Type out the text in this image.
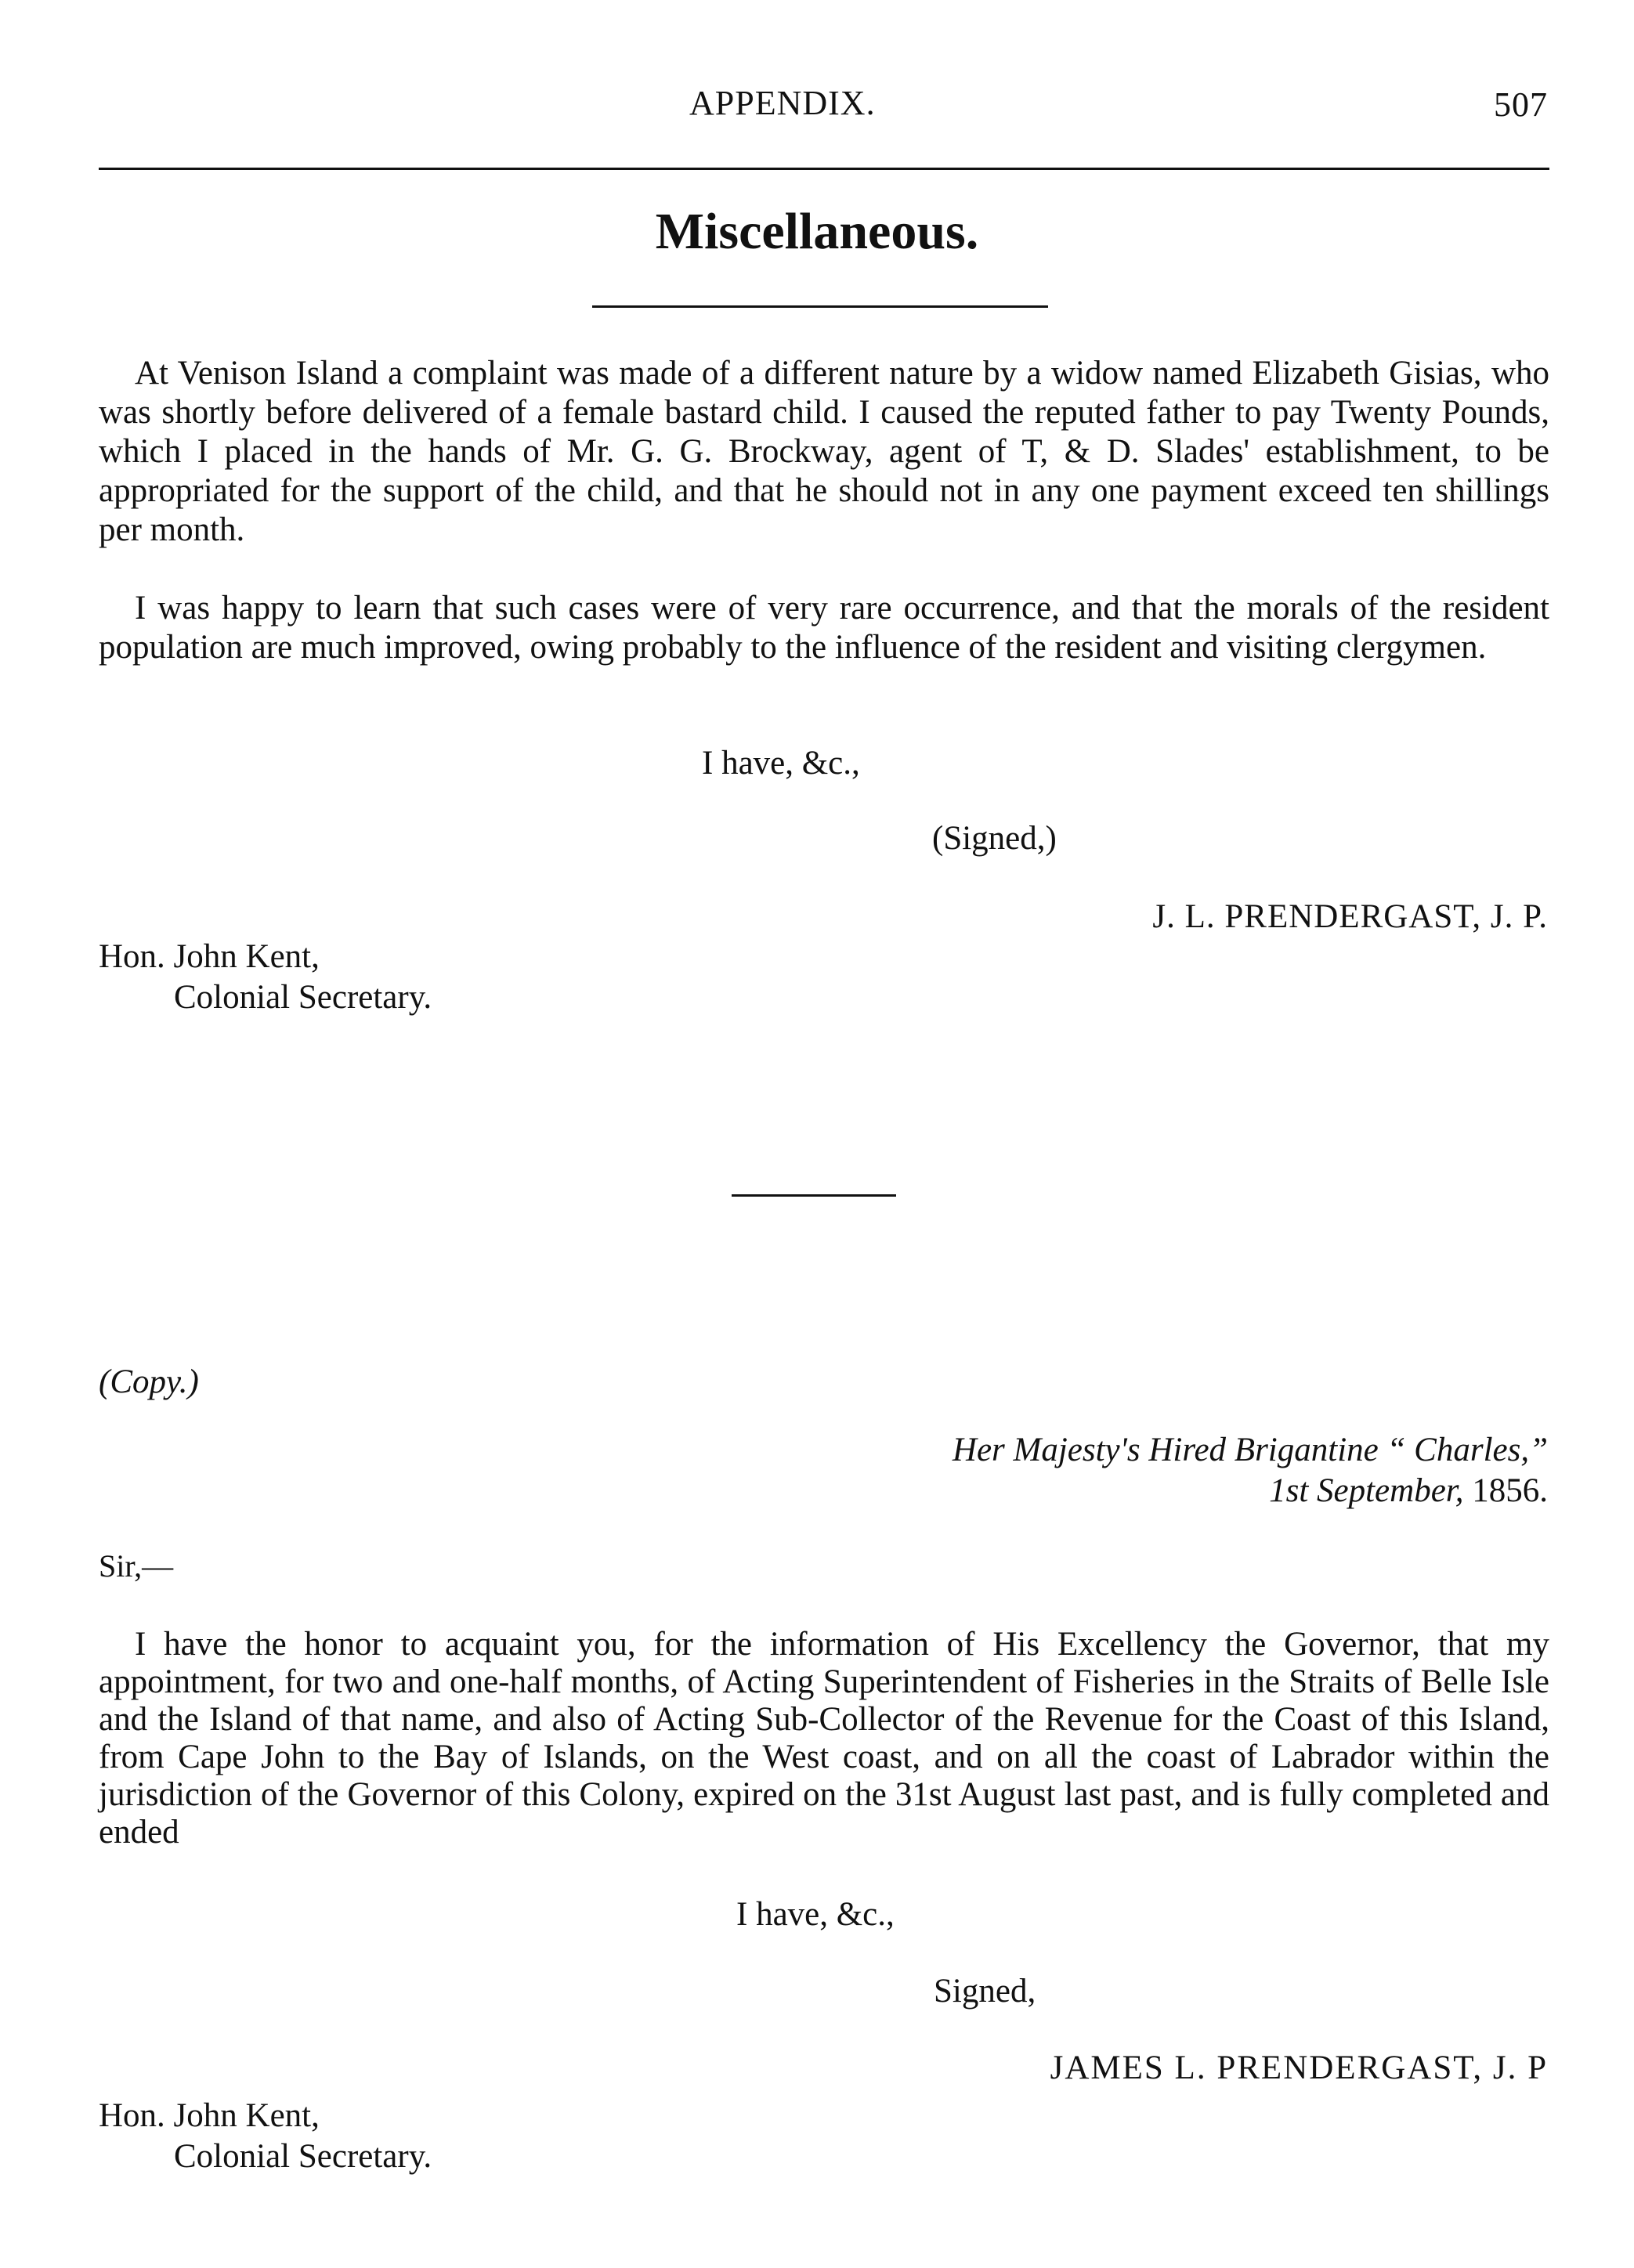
APPENDIX.	507
Miscellaneous.

At Venison Island a complaint was made of a different nature by a widow named Elizabeth Gisias, who was shortly before delivered of a female bastard child. I caused the reputed father to pay Twenty Pounds, which I placed in the hands of Mr. G. G. Brockway, agent of T, & D. Slades' establishment, to be appropriated for the support of the child, and that he should not in any one payment exceed ten shillings per month.

I was happy to learn that such cases were of very rare occurrence, and that the morals of the resident population are much improved, owing probably to the influence of the resident and visiting clergymen.

I have, &c.,
(Signed,)
J. L. PRENDERGAST, J. P.
Hon. John Kent,
Colonial Secretary.
(Copy.)
Her Majesty's Hired Brigantine “ Charles,”
1st September, 1856.
Sir,—

I have the honor to acquaint you, for the information of His Excellency the Governor, that my appointment, for two and one-half months, of Acting Superintendent of Fisheries in the Straits of Belle Isle and the Island of that name, and also of Acting Sub-Collector of the Revenue for the Coast of this Island, from Cape John to the Bay of Islands, on the West coast, and on all the coast of Labrador within the jurisdiction of the Governor of this Colony, expired on the 31st August last past, and is fully completed and ended

I have, &c.,
Signed,
JAMES L. PRENDERGAST, J. P
Hon. John Kent,
Colonial Secretary.
